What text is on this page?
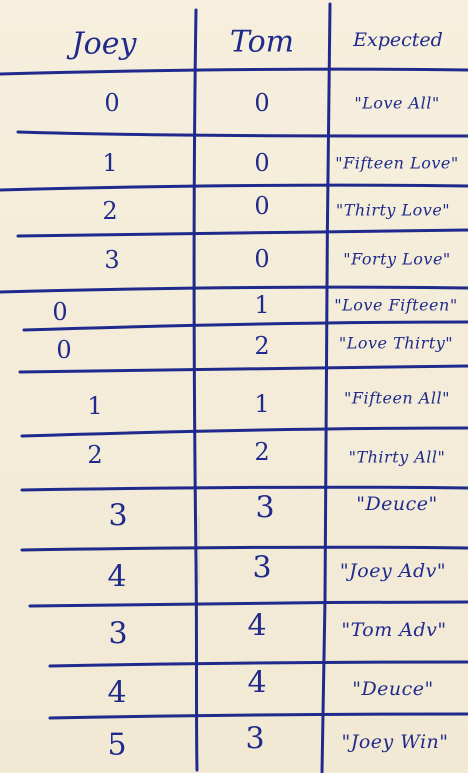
Joey	Tom	Expected
0	0	"Love All"
1	0	"Fifteen Love"
2	0	"Thirty Love"
3	0	"Forty Love"
0	1	"Love Fifteen"
0	2	"Love Thirty"
1	1	"Fifteen All"
2	2	"Thirty All"
3	3	"Deuce"
4	3	"Joey Adv"
3	4	"Tom Adv"
4	4	"Deuce"
5	3	"Joey Win"
